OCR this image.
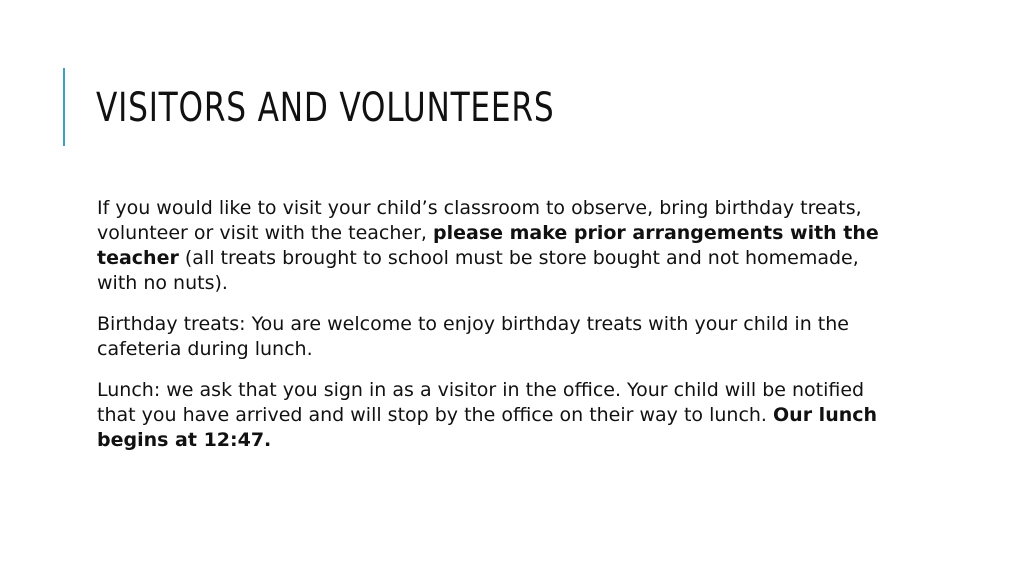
VISITORS AND VOLUNTEERS

If you would like to visit your child’s classroom to observe, bring birthday treats, volunteer or visit with the teacher, please make prior arrangements with the teacher (all treats brought to school must be store bought and not homemade, with no nuts).

Birthday treats: You are welcome to enjoy birthday treats with your child in the cafeteria during lunch.

Lunch: we ask that you sign in as a visitor in the office. Your child will be notified that you have arrived and will stop by the office on their way to lunch. Our lunch begins at 12:47.
